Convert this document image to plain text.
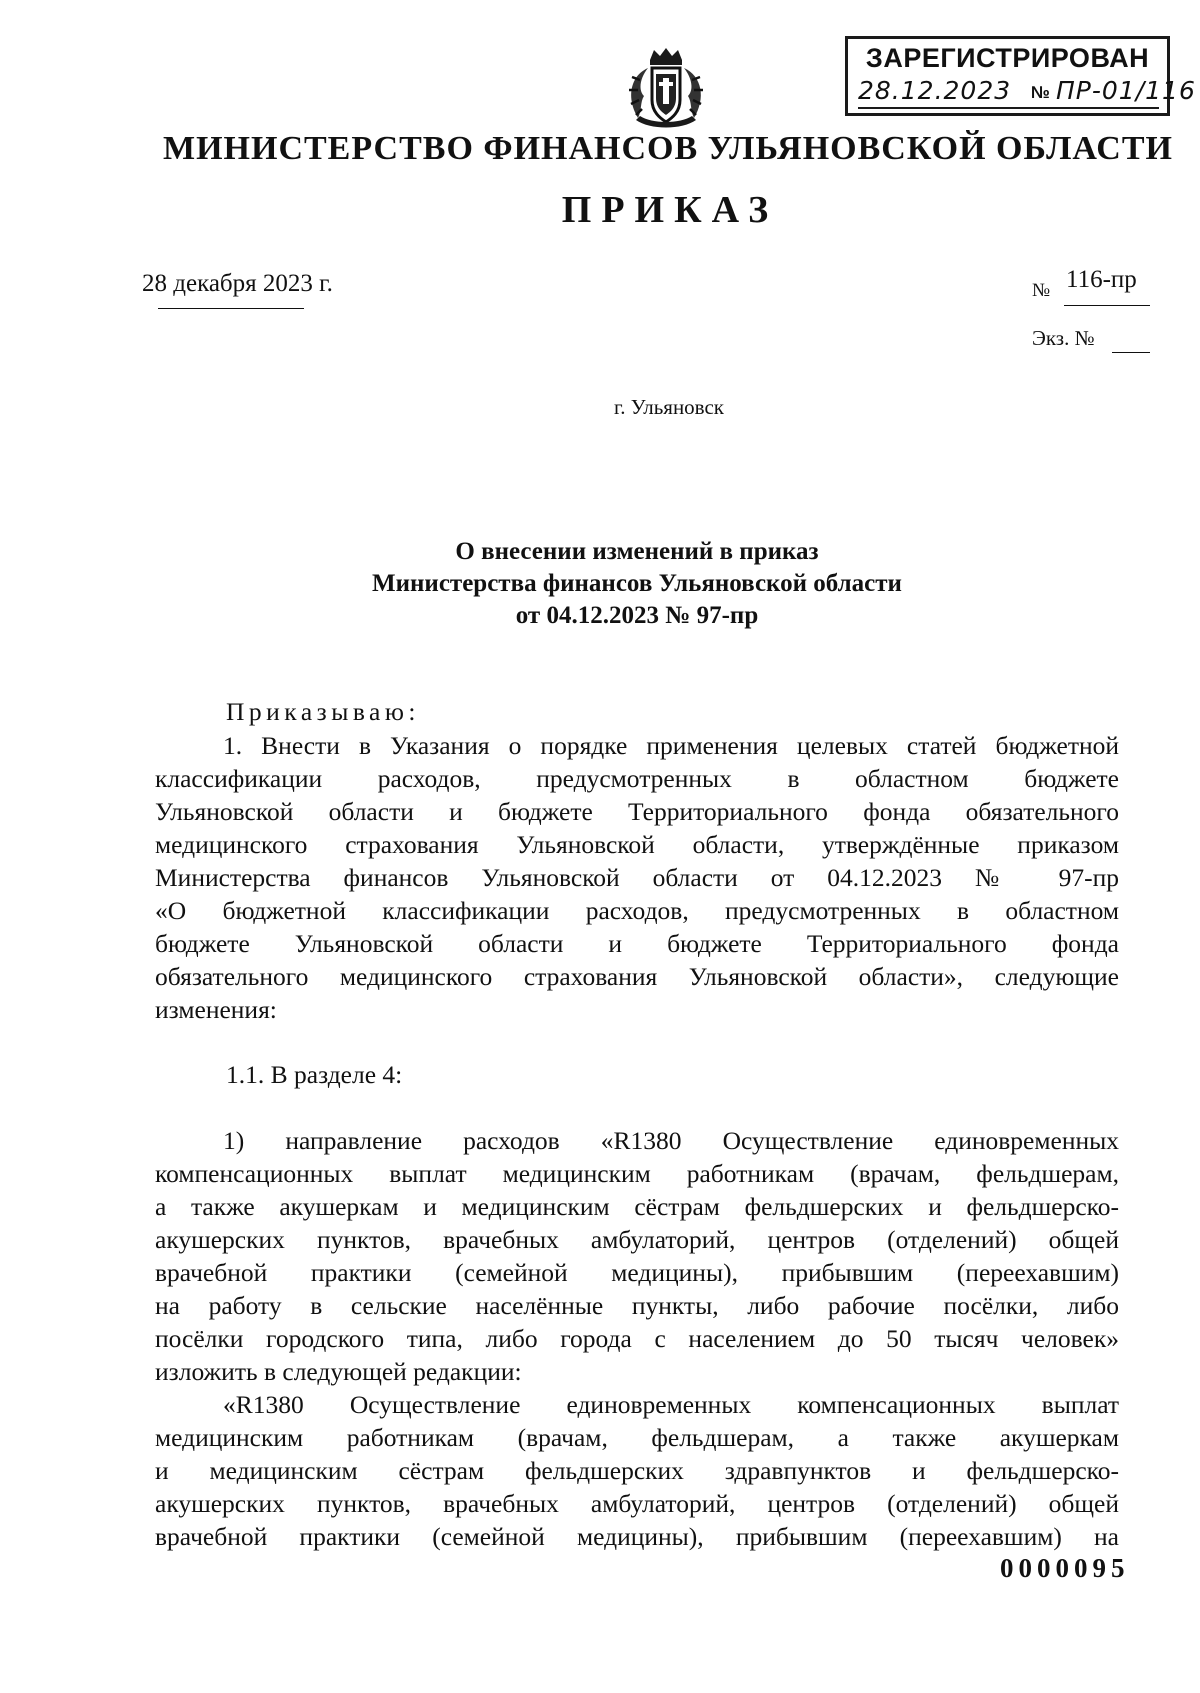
ЗАРЕГИСТРИРОВАН
28.12.2023 № ПР-01/116
МИНИСТЕРСТВО ФИНАНСОВ УЛЬЯНОВСКОЙ ОБЛАСТИ
ПРИКАЗ
28 декабря 2023 г.	№ 116-пр
Экз. №
г. Ульяновск
О внесении изменений в приказ
Министерства финансов Ульяновской области
от 04.12.2023 № 97-пр
Приказываю:
1. Внести в Указания о порядке применения целевых статей бюджетной
классификации расходов, предусмотренных в областном бюджете
Ульяновской области и бюджете Территориального фонда обязательного
медицинского страхования Ульяновской области, утверждённые приказом
Министерства финансов Ульяновской области от 04.12.2023 № 97-пр
«О бюджетной классификации расходов, предусмотренных в областном
бюджете Ульяновской области и бюджете Территориального фонда
обязательного медицинского страхования Ульяновской области», следующие
изменения:
1.1. В разделе 4:
1) направление расходов «R1380 Осуществление единовременных
компенсационных выплат медицинским работникам (врачам, фельдшерам,
а также акушеркам и медицинским сёстрам фельдшерских и фельдшерско-
акушерских пунктов, врачебных амбулаторий, центров (отделений) общей
врачебной практики (семейной медицины), прибывшим (переехавшим)
на работу в сельские населённые пункты, либо рабочие посёлки, либо
посёлки городского типа, либо города с населением до 50 тысяч человек»
изложить в следующей редакции:
«R1380 Осуществление единовременных компенсационных выплат
медицинским работникам (врачам, фельдшерам, а также акушеркам
и медицинским сёстрам фельдшерских здравпунктов и фельдшерско-
акушерских пунктов, врачебных амбулаторий, центров (отделений) общей
врачебной практики (семейной медицины), прибывшим (переехавшим) на
0000095
